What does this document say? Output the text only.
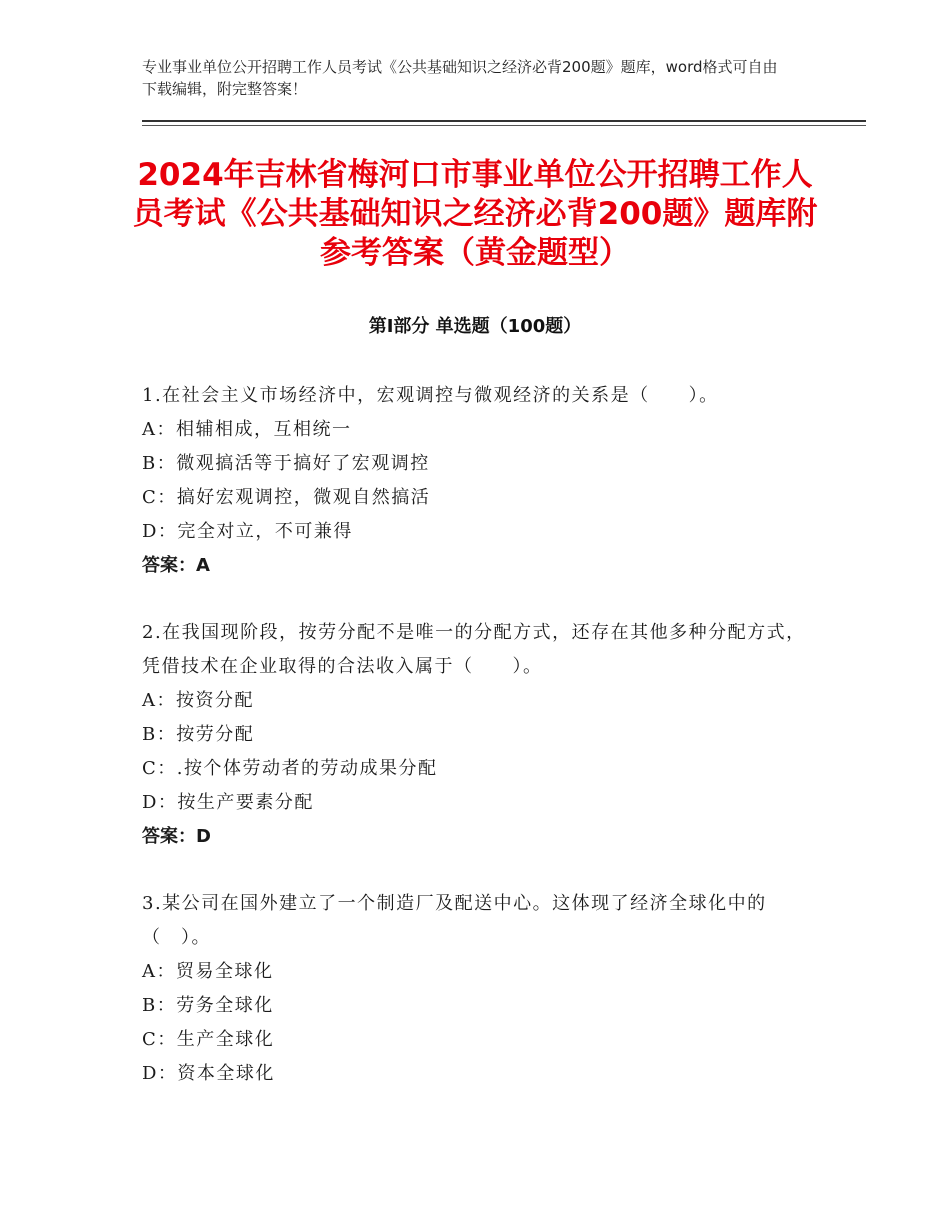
专业事业单位公开招聘工作人员考试《公共基础知识之经济必背200题》题库，word格式可自由下载编辑，附完整答案！
2024年吉林省梅河口市事业单位公开招聘工作人员考试《公共基础知识之经济必背200题》题库附参考答案（黄金题型）
第Ⅰ部分 单选题（100题）

1.在社会主义市场经济中，宏观调控与微观经济的关系是（　　）。

A：相辅相成，互相统一

B：微观搞活等于搞好了宏观调控

C：搞好宏观调控，微观自然搞活

D：完全对立，不可兼得

答案：A

2.在我国现阶段，按劳分配不是唯一的分配方式，还存在其他多种分配方式，凭借技术在企业取得的合法收入属于（　　）。

A：按资分配

B：按劳分配

C：.按个体劳动者的劳动成果分配

D：按生产要素分配

答案：D

3.某公司在国外建立了一个制造厂及配送中心。这体现了经济全球化中的（　）。

A：贸易全球化

B：劳务全球化

C：生产全球化

D：资本全球化
